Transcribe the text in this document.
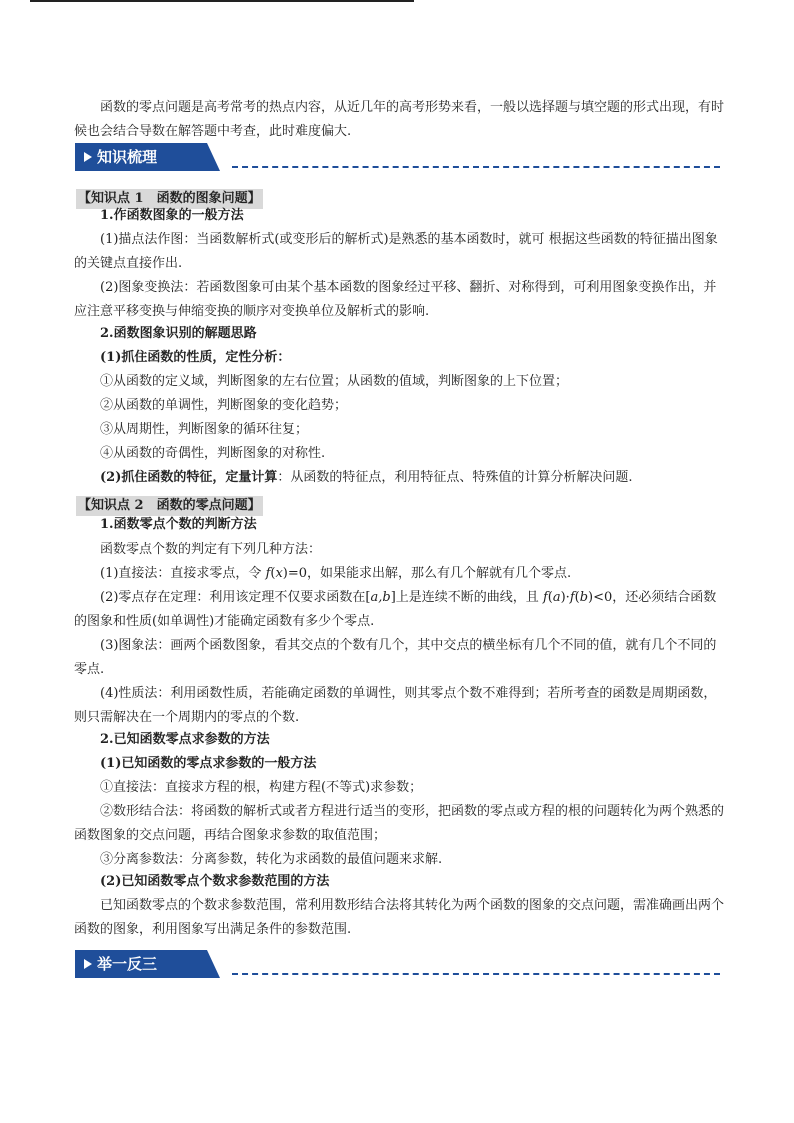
函数的零点问题是高考常考的热点内容，从近几年的高考形势来看，一般以选择题与填空题的形式出现，有时候也会结合导数在解答题中考查，此时难度偏大.

知识梳理
【知识点 1　函数的图象问题】
1.作函数图象的一般方法

(1)描点法作图：当函数解析式(或变形后的解析式)是熟悉的基本函数时，就可 根据这些函数的特征描出图象的关键点直接作出.

(2)图象变换法：若函数图象可由某个基本函数的图象经过平移、翻折、对称得到，可利用图象变换作出，并应注意平移变换与伸缩变换的顺序对变换单位及解析式的影响.

2.函数图象识别的解题思路
(1)抓住函数的性质，定性分析：
①从函数的定义域，判断图象的左右位置；从函数的值域，判断图象的上下位置；
②从函数的单调性，判断图象的变化趋势；
③从周期性，判断图象的循环往复；
④从函数的奇偶性，判断图象的对称性.
(2)抓住函数的特征，定量计算：从函数的特征点，利用特征点、特殊值的计算分析解决问题.
【知识点 2　函数的零点问题】
1.函数零点个数的判断方法
函数零点个数的判定有下列几种方法：
(1)直接法：直接求零点，令 f(x)=0，如果能求出解，那么有几个解就有几个零点.

(2)零点存在定理：利用该定理不仅要求函数在[a,b]上是连续不断的曲线，且 f(a)·f(b)<0，还必须结合函数的图象和性质(如单调性)才能确定函数有多少个零点.

(3)图象法：画两个函数图象，看其交点的个数有几个，其中交点的横坐标有几个不同的值，就有几个不同的零点.

(4)性质法：利用函数性质，若能确定函数的单调性，则其零点个数不难得到；若所考查的函数是周期函数，则只需解决在一个周期内的零点的个数.

2.已知函数零点求参数的方法
(1)已知函数的零点求参数的一般方法
①直接法：直接求方程的根，构建方程(不等式)求参数；

②数形结合法：将函数的解析式或者方程进行适当的变形，把函数的零点或方程的根的问题转化为两个熟悉的函数图象的交点问题，再结合图象求参数的取值范围；

③分离参数法：分离参数，转化为求函数的最值问题来求解.
(2)已知函数零点个数求参数范围的方法

已知函数零点的个数求参数范围，常利用数形结合法将其转化为两个函数的图象的交点问题，需准确画出两个函数的图象，利用图象写出满足条件的参数范围.

举一反三
